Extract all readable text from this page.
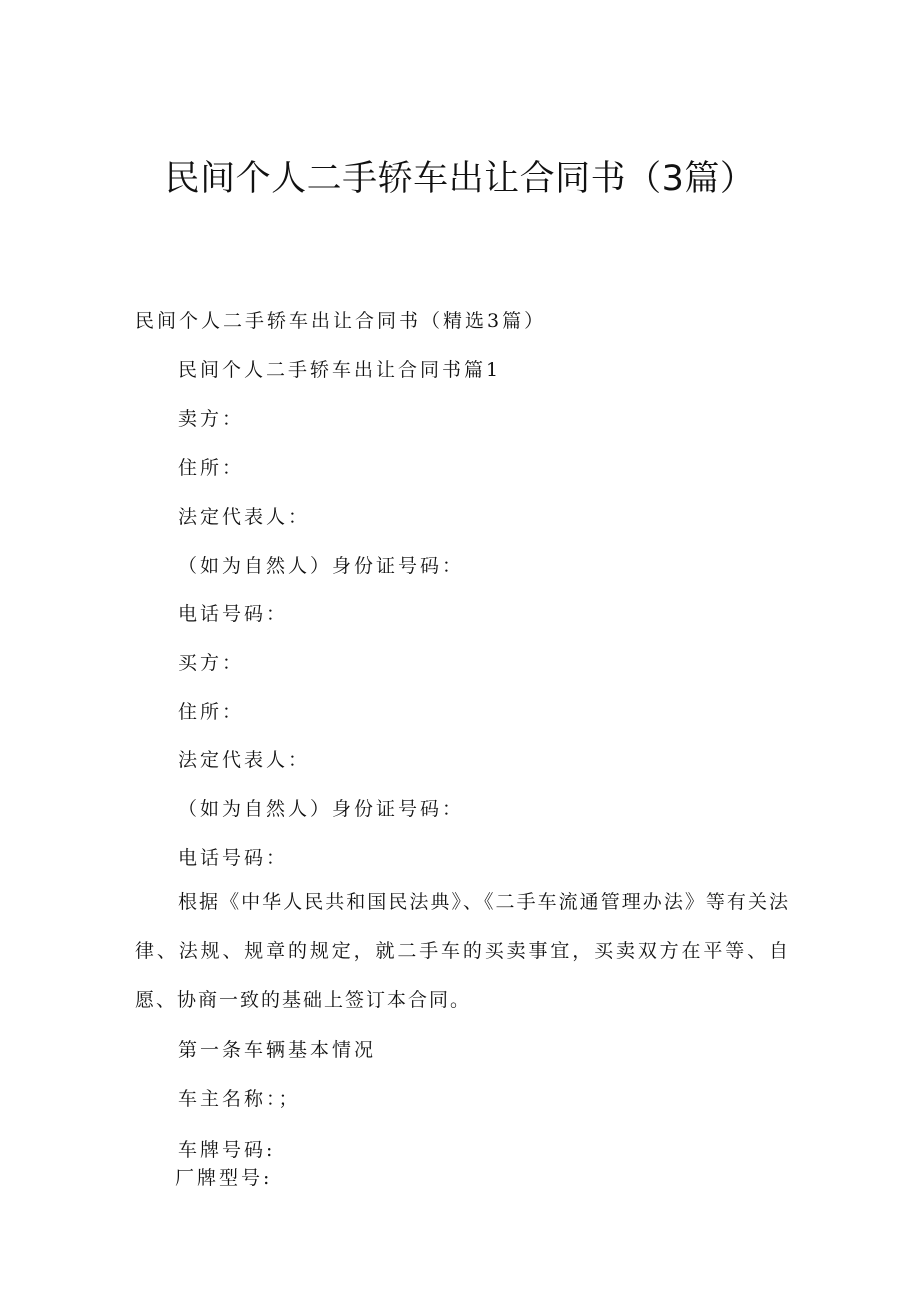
民间个人二手轿车出让合同书（3篇）

民间个人二手轿车出让合同书（精选3篇）

民间个人二手轿车出让合同书篇1

卖方：

住所：

法定代表人：

（如为自然人）身份证号码：

电话号码：

买方：

住所：

法定代表人：

（如为自然人）身份证号码：

电话号码：

根据《中华人民共和国民法典》、《二手车流通管理办法》等有关法律、法规、规章的规定，就二手车的买卖事宜，买卖双方在平等、自愿、协商一致的基础上签订本合同。

第一条车辆基本情况

车主名称：；

车牌号码:

厂牌型号:
